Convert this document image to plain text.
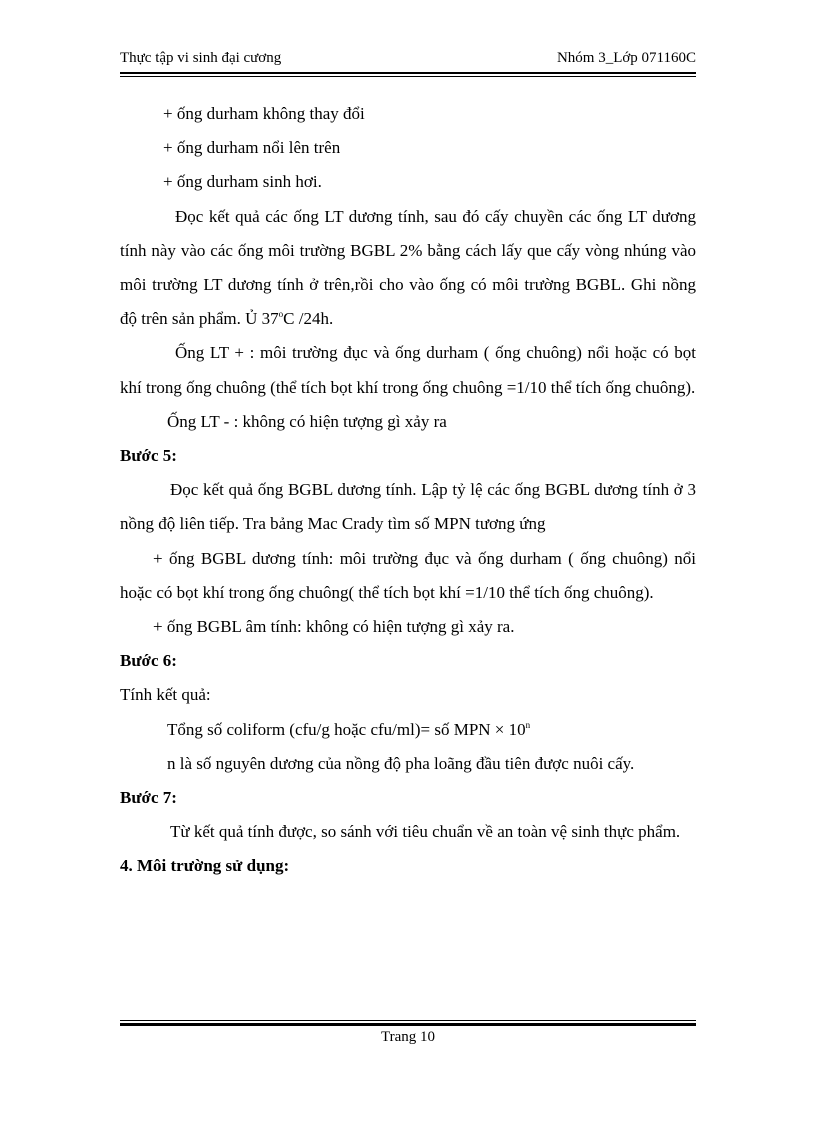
Thực tập vi sinh đại cương	Nhóm 3_Lớp 071160C

+ ống durham không thay đổi

+ ống durham nổi lên trên

+ ống durham sinh hơi.

Đọc kết quả các ống LT dương tính, sau đó cấy chuyền các ống LT dương tính này vào các ống môi trường BGBL 2% bằng cách lấy que cấy vòng nhúng vào môi trường LT dương tính ở trên,rồi cho vào ống có môi trường BGBL. Ghi nồng độ trên sản phẩm. Ủ 37$^o$C /24h.

Ống LT + : môi trường đục và ống durham ( ống chuông) nổi hoặc có bọt khí trong ống chuông (thể tích bọt khí trong ống chuông =1/10 thể tích ống chuông).

Ống LT - : không có hiện tượng gì xảy ra

Bước 5:

Đọc kết quả ống BGBL dương tính. Lập tỷ lệ các ống BGBL dương tính ở 3 nồng độ liên tiếp. Tra bảng Mac Crady tìm số MPN tương ứng

+ ống BGBL dương tính: môi trường đục và ống durham ( ống chuông) nổi hoặc có bọt khí trong ống chuông( thể tích bọt khí =1/10 thể tích ống chuông).

+ ống BGBL âm tính: không có hiện tượng gì xảy ra.

Bước 6:

Tính kết quả:

Tổng số coliform (cfu/g hoặc cfu/ml)= số MPN × $10^n$

n là số nguyên dương của nồng độ pha loãng đầu tiên được nuôi cấy.

Bước 7:

Từ kết quả tính được, so sánh với tiêu chuẩn về an toàn vệ sinh thực phẩm.

4. Môi trường sử dụng:

Trang 10
